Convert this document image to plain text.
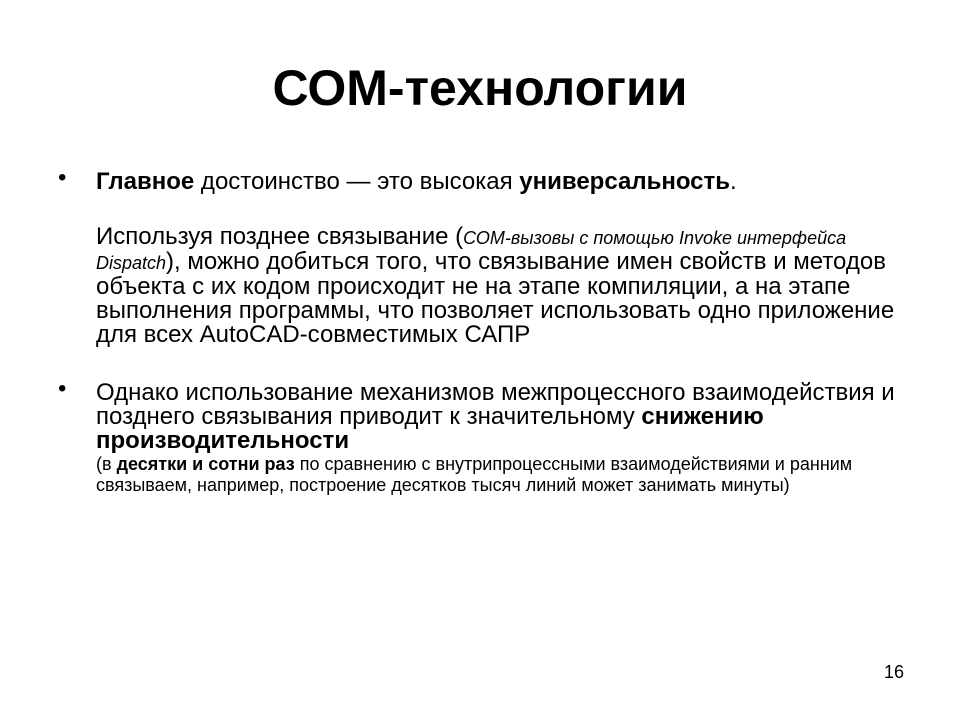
СОМ-технологии
• Главное достоинство — это высокая универсальность.

Используя позднее связывание (СОМ-вызовы с помощью Invoke интерфейса Dispatch), можно добиться того, что связывание имен свойств и методов объекта с их кодом происходит не на этапе компиляции, а на этапе выполнения программы, что позволяет использовать одно приложение для всех AutoCAD-совместимых САПР

• Однако использование механизмов межпроцессного взаимодействия и позднего связывания приводит к значительному снижению производительности

(в десятки и сотни раз по сравнению с внутрипроцессными взаимодействиями и ранним связываем, например, построение десятков тысяч линий может занимать минуты)

16
